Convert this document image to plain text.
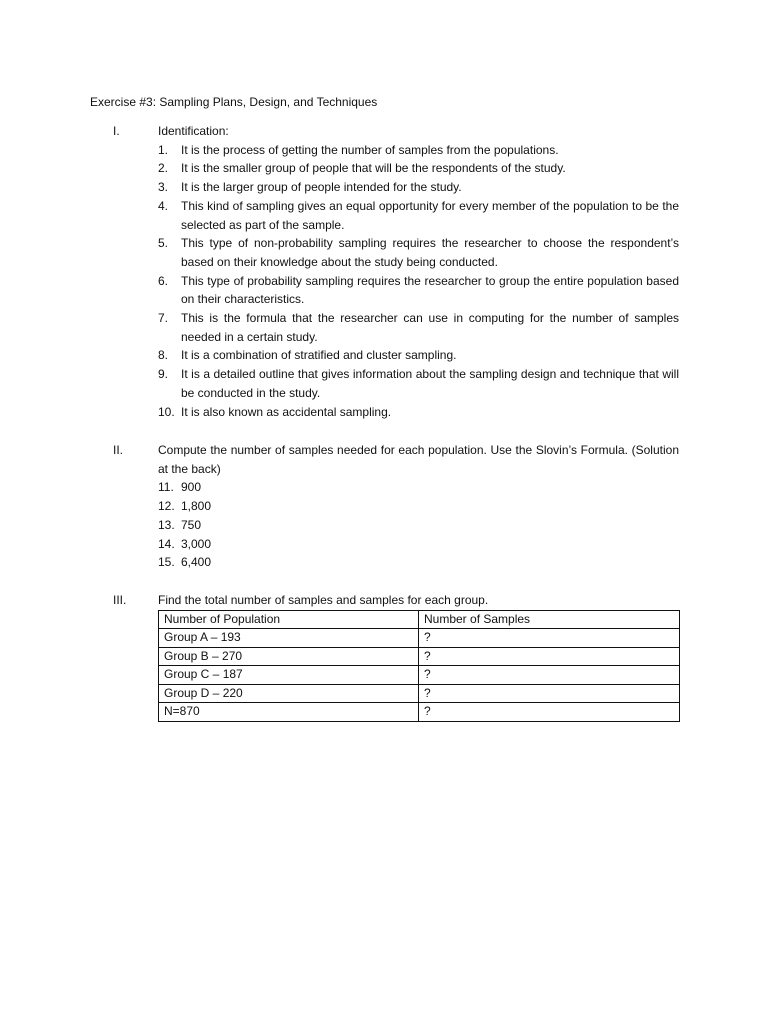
Exercise #3: Sampling Plans, Design, and Techniques
I.	Identification:
1.	It is the process of getting the number of samples from the populations.
2.	It is the smaller group of people that will be the respondents of the study.
3.	It is the larger group of people intended for the study.
4.	This kind of sampling gives an equal opportunity for every member of the population to be the selected as part of the sample.
5.	This type of non-probability sampling requires the researcher to choose the respondent’s based on their knowledge about the study being conducted.
6.	This type of probability sampling requires the researcher to group the entire population based on their characteristics.
7.	This is the formula that the researcher can use in computing for the number of samples needed in a certain study.
8.	It is a combination of stratified and cluster sampling.
9.	It is a detailed outline that gives information about the sampling design and technique that will be conducted in the study.
10. It is also known as accidental sampling.
II.	Compute the number of samples needed for each population. Use the Slovin’s Formula. (Solution at the back)
11. 900
12. 1,800
13. 750
14. 3,000
15. 6,400
III.	Find the total number of samples and samples for each group.
Number of Population	Number of Samples
Group A – 193	?
Group B – 270	?
Group C – 187	?
Group D – 220	?
N=870	?
